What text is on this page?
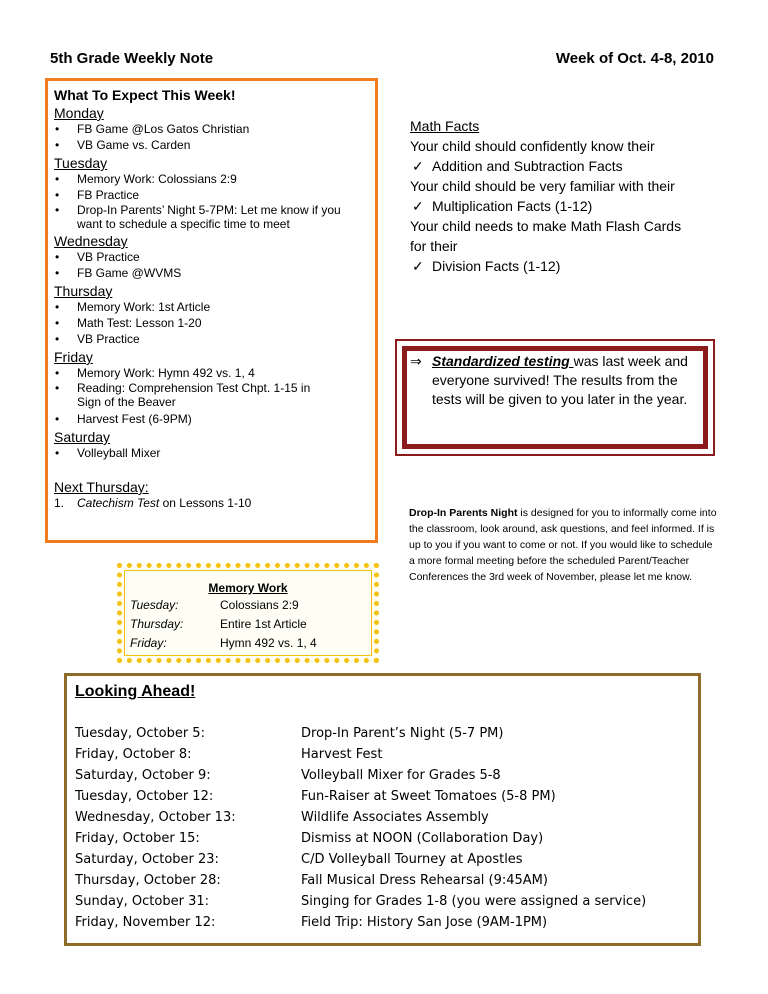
5th Grade Weekly Note	Week of Oct. 4-8, 2010
What To Expect This Week!
Monday
• FB Game @Los Gatos Christian
• VB Game vs. Carden
Tuesday
• Memory Work: Colossians 2:9
• FB Practice
• Drop-In Parents’ Night 5-7PM: Let me know if you
want to schedule a specific time to meet
Wednesday
• VB Practice
• FB Game @WVMS
Thursday
• Memory Work: 1st Article
• Math Test: Lesson 1-20
• VB Practice
Friday
• Memory Work: Hymn 492 vs. 1, 4
• Reading: Comprehension Test Chpt. 1-15 in
Sign of the Beaver
• Harvest Fest (6-9PM)
Saturday
• Volleyball Mixer
Next Thursday:
1. Catechism Test on Lessons 1-10
Math Facts
Your child should confidently know their
✓ Addition and Subtraction Facts
Your child should be very familiar with their
✓ Multiplication Facts (1-12)
Your child needs to make Math Flash Cards
for their
✓ Division Facts (1-12)
⇒ Standardized testing was last week and everyone survived! The results from the tests will be given to you later in the year.
Drop-In Parents Night is designed for you to informally come into the classroom, look around, ask questions, and feel informed. If is up to you if you want to come or not. If you would like to schedule a more formal meeting before the scheduled Parent/Teacher Conferences the 3rd week of November, please let me know.
Memory Work
Tuesday:	Colossians 2:9
Thursday:	Entire 1st Article
Friday:	Hymn 492 vs. 1, 4
Looking Ahead!
Tuesday, October 5:	Drop-In Parent’s Night (5-7 PM)
Friday, October 8:	Harvest Fest
Saturday, October 9:	Volleyball Mixer for Grades 5-8
Tuesday, October 12:	Fun-Raiser at Sweet Tomatoes (5-8 PM)
Wednesday, October 13:	Wildlife Associates Assembly
Friday, October 15:	Dismiss at NOON (Collaboration Day)
Saturday, October 23:	C/D Volleyball Tourney at Apostles
Thursday, October 28:	Fall Musical Dress Rehearsal (9:45AM)
Sunday, October 31:	Singing for Grades 1-8 (you were assigned a service)
Friday, November 12:	Field Trip: History San Jose (9AM-1PM)
